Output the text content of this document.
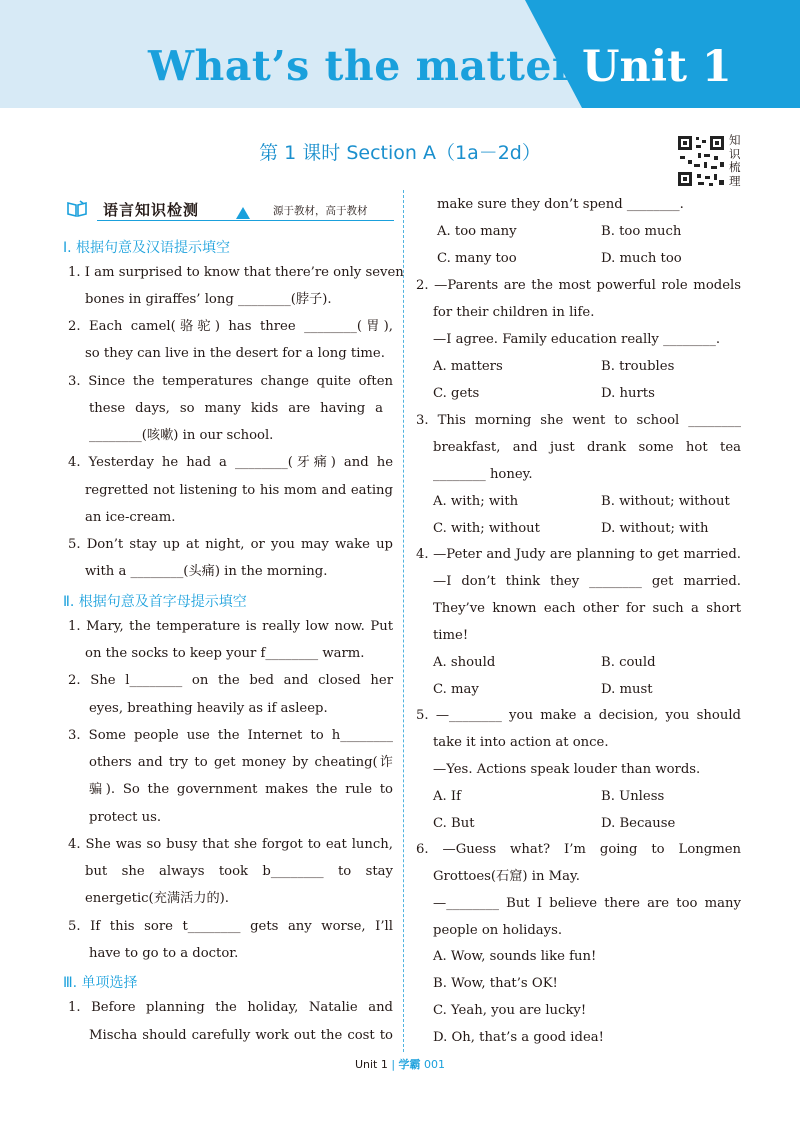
What’s the matter?
Unit 1
第 1 课时 Section A（1a－2d）
知识梳理
语言知识检测	源于教材，高于教材
Ⅰ. 根据句意及汉语提示填空
Ⅱ. 根据句意及首字母提示填空
Ⅲ. 单项选择
1. I am surprised to know that there’re only seven
bones in giraffes’ long ________(脖子).
2. Each camel(骆驼) has three ________(胃),
so they can live in the desert for a long time.
3. Since the temperatures change quite often
these days, so many kids are having a
________(咳嗽) in our school.
4. Yesterday he had a ________(牙痛) and he
regretted not listening to his mom and eating
an ice-cream.
5. Don’t stay up at night, or you may wake up
with a ________(头痛) in the morning.
1. Mary, the temperature is really low now. Put
on the socks to keep your f________ warm.
2. She l________ on the bed and closed her
eyes, breathing heavily as if asleep.
3. Some people use the Internet to h________
others and try to get money by cheating(诈
骗). So the government makes the rule to
protect us.
4. She was so busy that she forgot to eat lunch,
but she always took b________ to stay
energetic(充满活力的).
5. If this sore t________ gets any worse, I’ll
have to go to a doctor.
1. Before planning the holiday, Natalie and
Mischa should carefully work out the cost to
make sure they don’t spend ________.
A. too many	B. too much
C. many too	D. much too
2. —Parents are the most powerful role models
for their children in life.
—I agree. Family education really ________.
A. matters	B. troubles
C. gets	D. hurts
3. This morning she went to school ________
breakfast, and just drank some hot tea
________ honey.
A. with; with	B. without; without
C. with; without	D. without; with
4. —Peter and Judy are planning to get married.
—I don’t think they ________ get married.
They’ve known each other for such a short
time!
A. should	B. could
C. may	D. must
5. —________ you make a decision, you should
take it into action at once.
—Yes. Actions speak louder than words.
A. If	B. Unless
C. But	D. Because
6. —Guess what? I’m going to Longmen
Grottoes(石窟) in May.
—________ But I believe there are too many
people on holidays.
A. Wow, sounds like fun!
B. Wow, that’s OK!
C. Yeah, you are lucky!
D. Oh, that’s a good idea!
Unit 1 | 学霸 001
